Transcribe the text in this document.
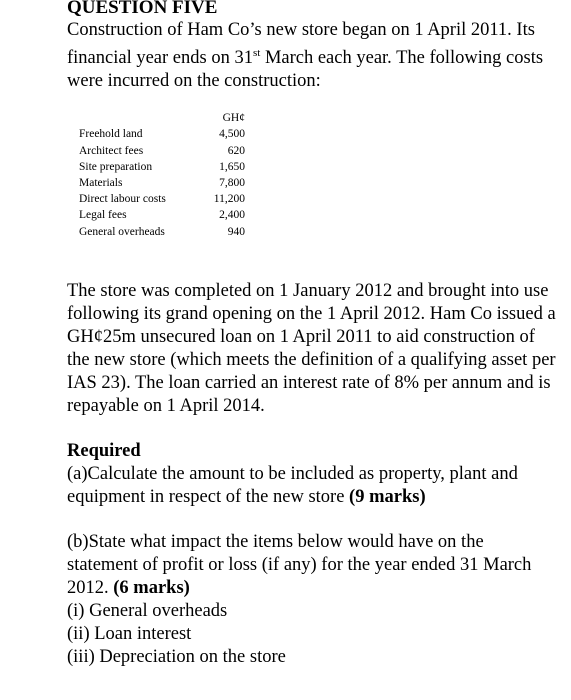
QUESTION FIVE

Construction of Ham Co’s new store began on 1 April 2011. Its financial year ends on 31st March each year. The following costs were incurred on the construction:

	GH¢
Freehold land	4,500
Architect fees	620
Site preparation	1,650
Materials	7,800
Direct labour costs	11,200
Legal fees	2,400
General overheads	940

The store was completed on 1 January 2012 and brought into use following its grand opening on the 1 April 2012. Ham Co issued a GH¢25m unsecured loan on 1 April 2011 to aid construction of the new store (which meets the definition of a qualifying asset per IAS 23). The loan carried an interest rate of 8% per annum and is repayable on 1 April 2014.

Required

(a)Calculate the amount to be included as property, plant and equipment in respect of the new store (9 marks)

(b)State what impact the items below would have on the statement of profit or loss (if any) for the year ended 31 March 2012. (6 marks)

(i) General overheads
(ii) Loan interest
(iii) Depreciation on the store
